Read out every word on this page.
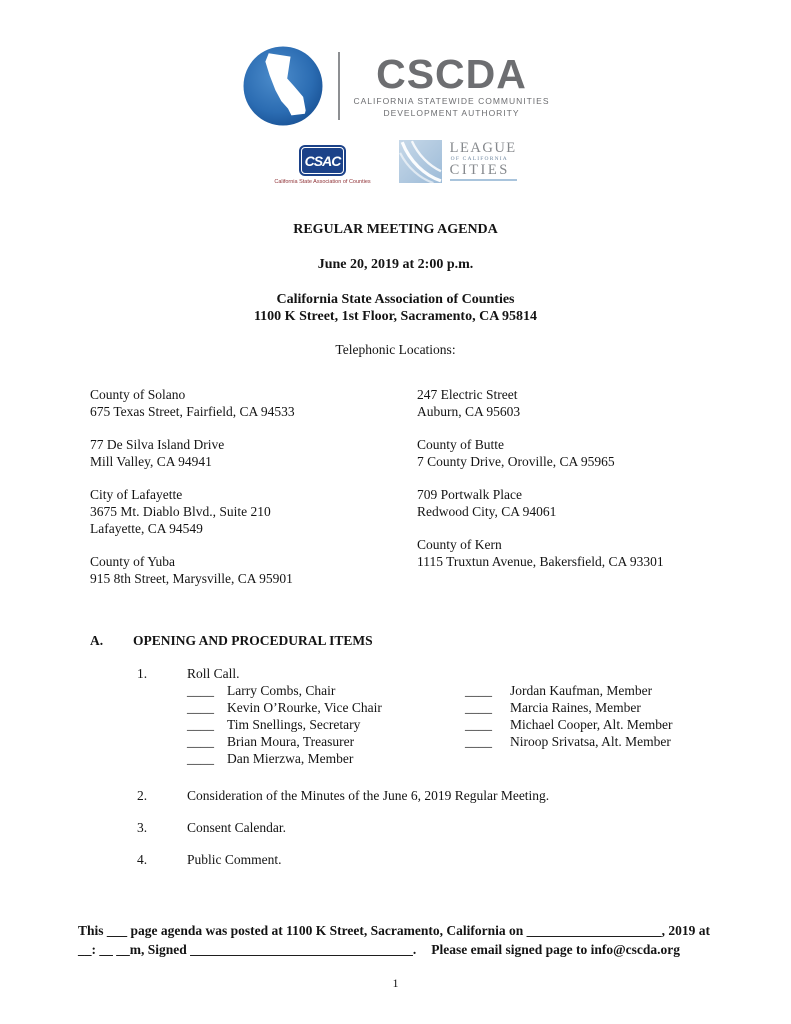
CSCDA
CALIFORNIA STATEWIDE COMMUNITIES
DEVELOPMENT AUTHORITY
CSAC
California State Association of Counties
LEAGUE
OF CALIFORNIA
CITIES
REGULAR MEETING AGENDA
June 20, 2019 at 2:00 p.m.
California State Association of Counties
1100 K Street, 1st Floor, Sacramento, CA 95814
Telephonic Locations:
County of Solano
675 Texas Street, Fairfield, CA 94533
77 De Silva Island Drive
Mill Valley, CA 94941
City of Lafayette
3675 Mt. Diablo Blvd., Suite 210
Lafayette, CA 94549
County of Yuba
915 8th Street, Marysville, CA 95901
247 Electric Street
Auburn, CA 95603
County of Butte
7 County Drive, Oroville, CA 95965
709 Portwalk Place
Redwood City, CA 94061
County of Kern
1115 Truxtun Avenue, Bakersfield, CA 93301
A.	OPENING AND PROCEDURAL ITEMS
1.	Roll Call.
____ Larry Combs, Chair
____ Kevin O’Rourke, Vice Chair
____ Tim Snellings, Secretary
____ Brian Moura, Treasurer
____ Dan Mierzwa, Member
____ Jordan Kaufman, Member
____ Marcia Raines, Member
____ Michael Cooper, Alt. Member
____ Niroop Srivatsa, Alt. Member
2.	Consideration of the Minutes of the June 6, 2019 Regular Meeting.
3.	Consent Calendar.
4.	Public Comment.
This ___ page agenda was posted at 1100 K Street, Sacramento, California on ____________________, 2019 at
__: __ __m, Signed _________________________________. Please email signed page to info@cscda.org
1
